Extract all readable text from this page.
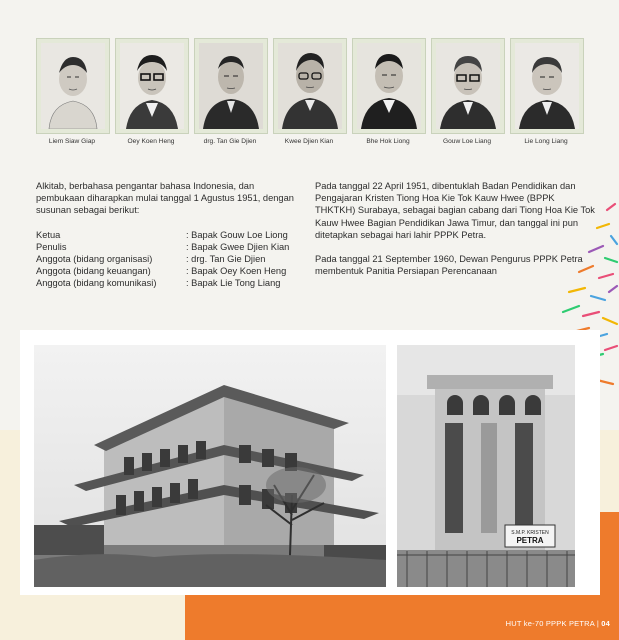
Liem Siaw Giap	Oey Koen Heng	drg. Tan Gie Djien	Kwee Djien Kian	Bhe Hok Liong	Gouw Loe Liang	Lie Long Liang

Alkitab, berbahasa pengantar bahasa Indonesia, dan pembukaan diharapkan mulai tanggal 1 Agustus 1951, dengan susunan sebagai berikut:

Ketua	: Bapak Gouw Loe Liong
Penulis	: Bapak Gwee Djien Kian
Anggota (bidang organisasi)	: drg. Tan Gie Djien
Anggota (bidang keuangan)	: Bapak Oey Koen Heng
Anggota (bidang komunikasi)	: Bapak Lie Tong Liang

Pada tanggal 22 April 1951, dibentuklah Badan Pendidikan dan Pengajaran Kristen Tiong Hoa Kie Tok Kauw Hwee (BPPK THKTKH) Surabaya, sebagai bagian cabang dari Tiong Hoa Kie Tok Kauw Hwee Bagian Pendidikan Jawa Timur, dan tanggal ini pun ditetapkan sebagai hari lahir PPPK Petra.

Pada tanggal 21 September 1960, Dewan Pengurus PPPK Petra membentuk Panitia Persiapan Perencanaan

S.M.P. KRISTEN
PETRA
HUT ke-70 PPPK PETRA | 04
